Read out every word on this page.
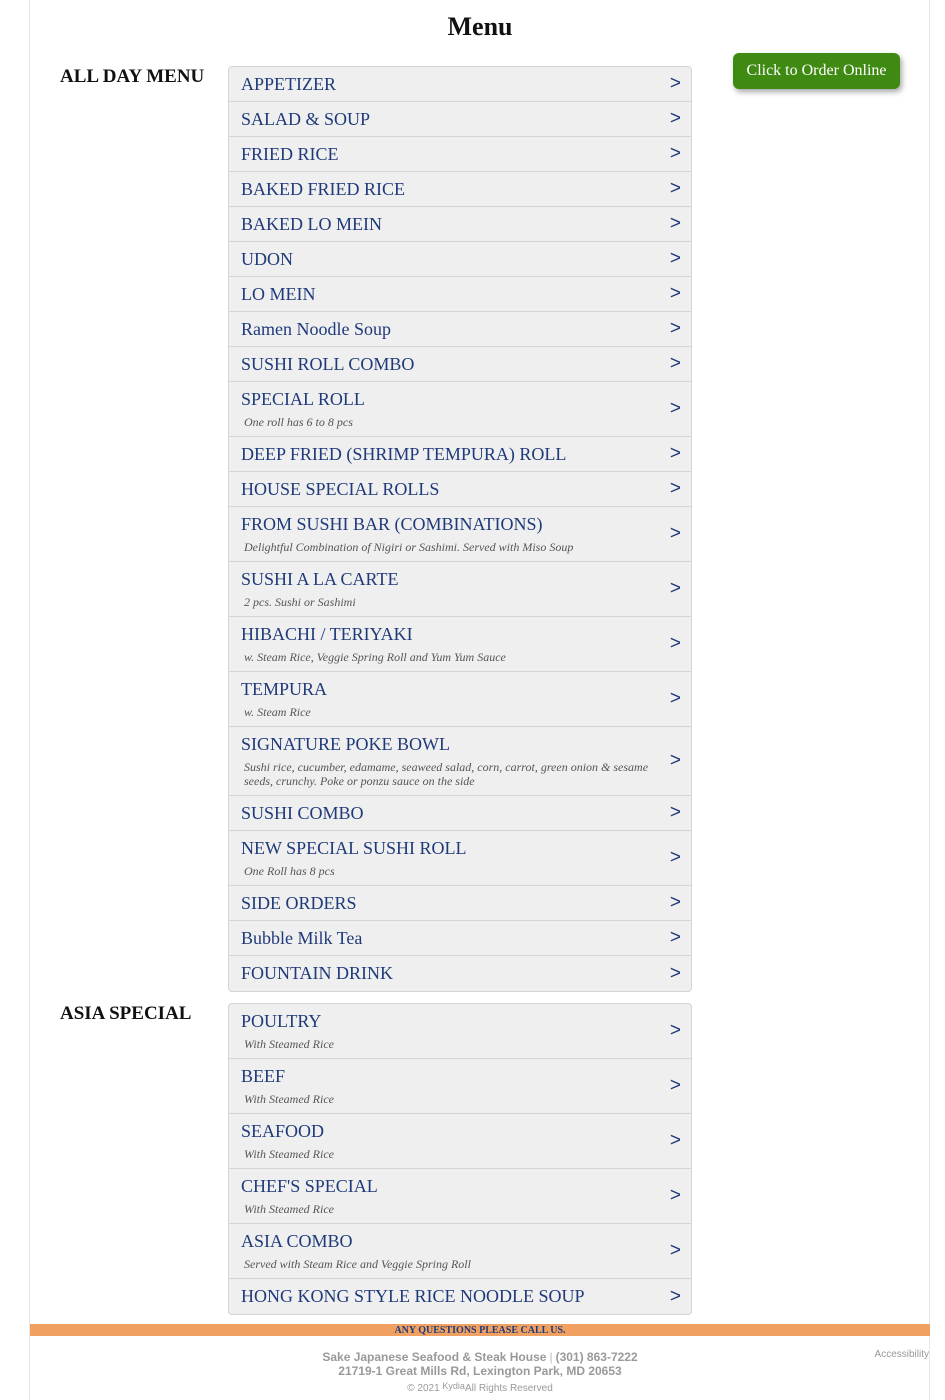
Menu
Click to Order Online
ALL DAY MENU APPETIZER	>
SALAD & SOUP	>
FRIED RICE	>
BAKED FRIED RICE	>
BAKED LO MEIN	>
UDON	>
LO MEIN	>
Ramen Noodle Soup	>
SUSHI ROLL COMBO	>
SPECIAL ROLL
One roll has 6 to 8 pcs
>
DEEP FRIED (SHRIMP TEMPURA) ROLL	>
HOUSE SPECIAL ROLLS	>
FROM SUSHI BAR (COMBINATIONS)
Delightful Combination of Nigiri or Sashimi. Served with Miso Soup
>
SUSHI A LA CARTE
2 pcs. Sushi or Sashimi
>
HIBACHI / TERIYAKI
w. Steam Rice, Veggie Spring Roll and Yum Yum Sauce
>
TEMPURA
w. Steam Rice
>
SIGNATURE POKE BOWL
Sushi rice, cucumber, edamame, seaweed salad, corn, carrot, green onion & sesame seeds, crunchy. Poke or ponzu sauce on the side
>
SUSHI COMBO	>
NEW SPECIAL SUSHI ROLL
One Roll has 8 pcs
>
SIDE ORDERS	>
Bubble Milk Tea	>
FOUNTAIN DRINK	>
ASIA SPECIAL	POULTRY
With Steamed Rice
>
BEEF
With Steamed Rice
>
SEAFOOD
With Steamed Rice
>
CHEF'S SPECIAL
With Steamed Rice
>
ASIA COMBO
Served with Steam Rice and Veggie Spring Roll
>
HONG KONG STYLE RICE NOODLE SOUP	>
ANY QUESTIONS PLEASE CALL US.
Sake Japanese Seafood & Steak House | (301) 863-7222
21719-1 Great Mills Rd, Lexington Park, MD 20653
© 2021 KydiaAll Rights Reserved
Accessibility
